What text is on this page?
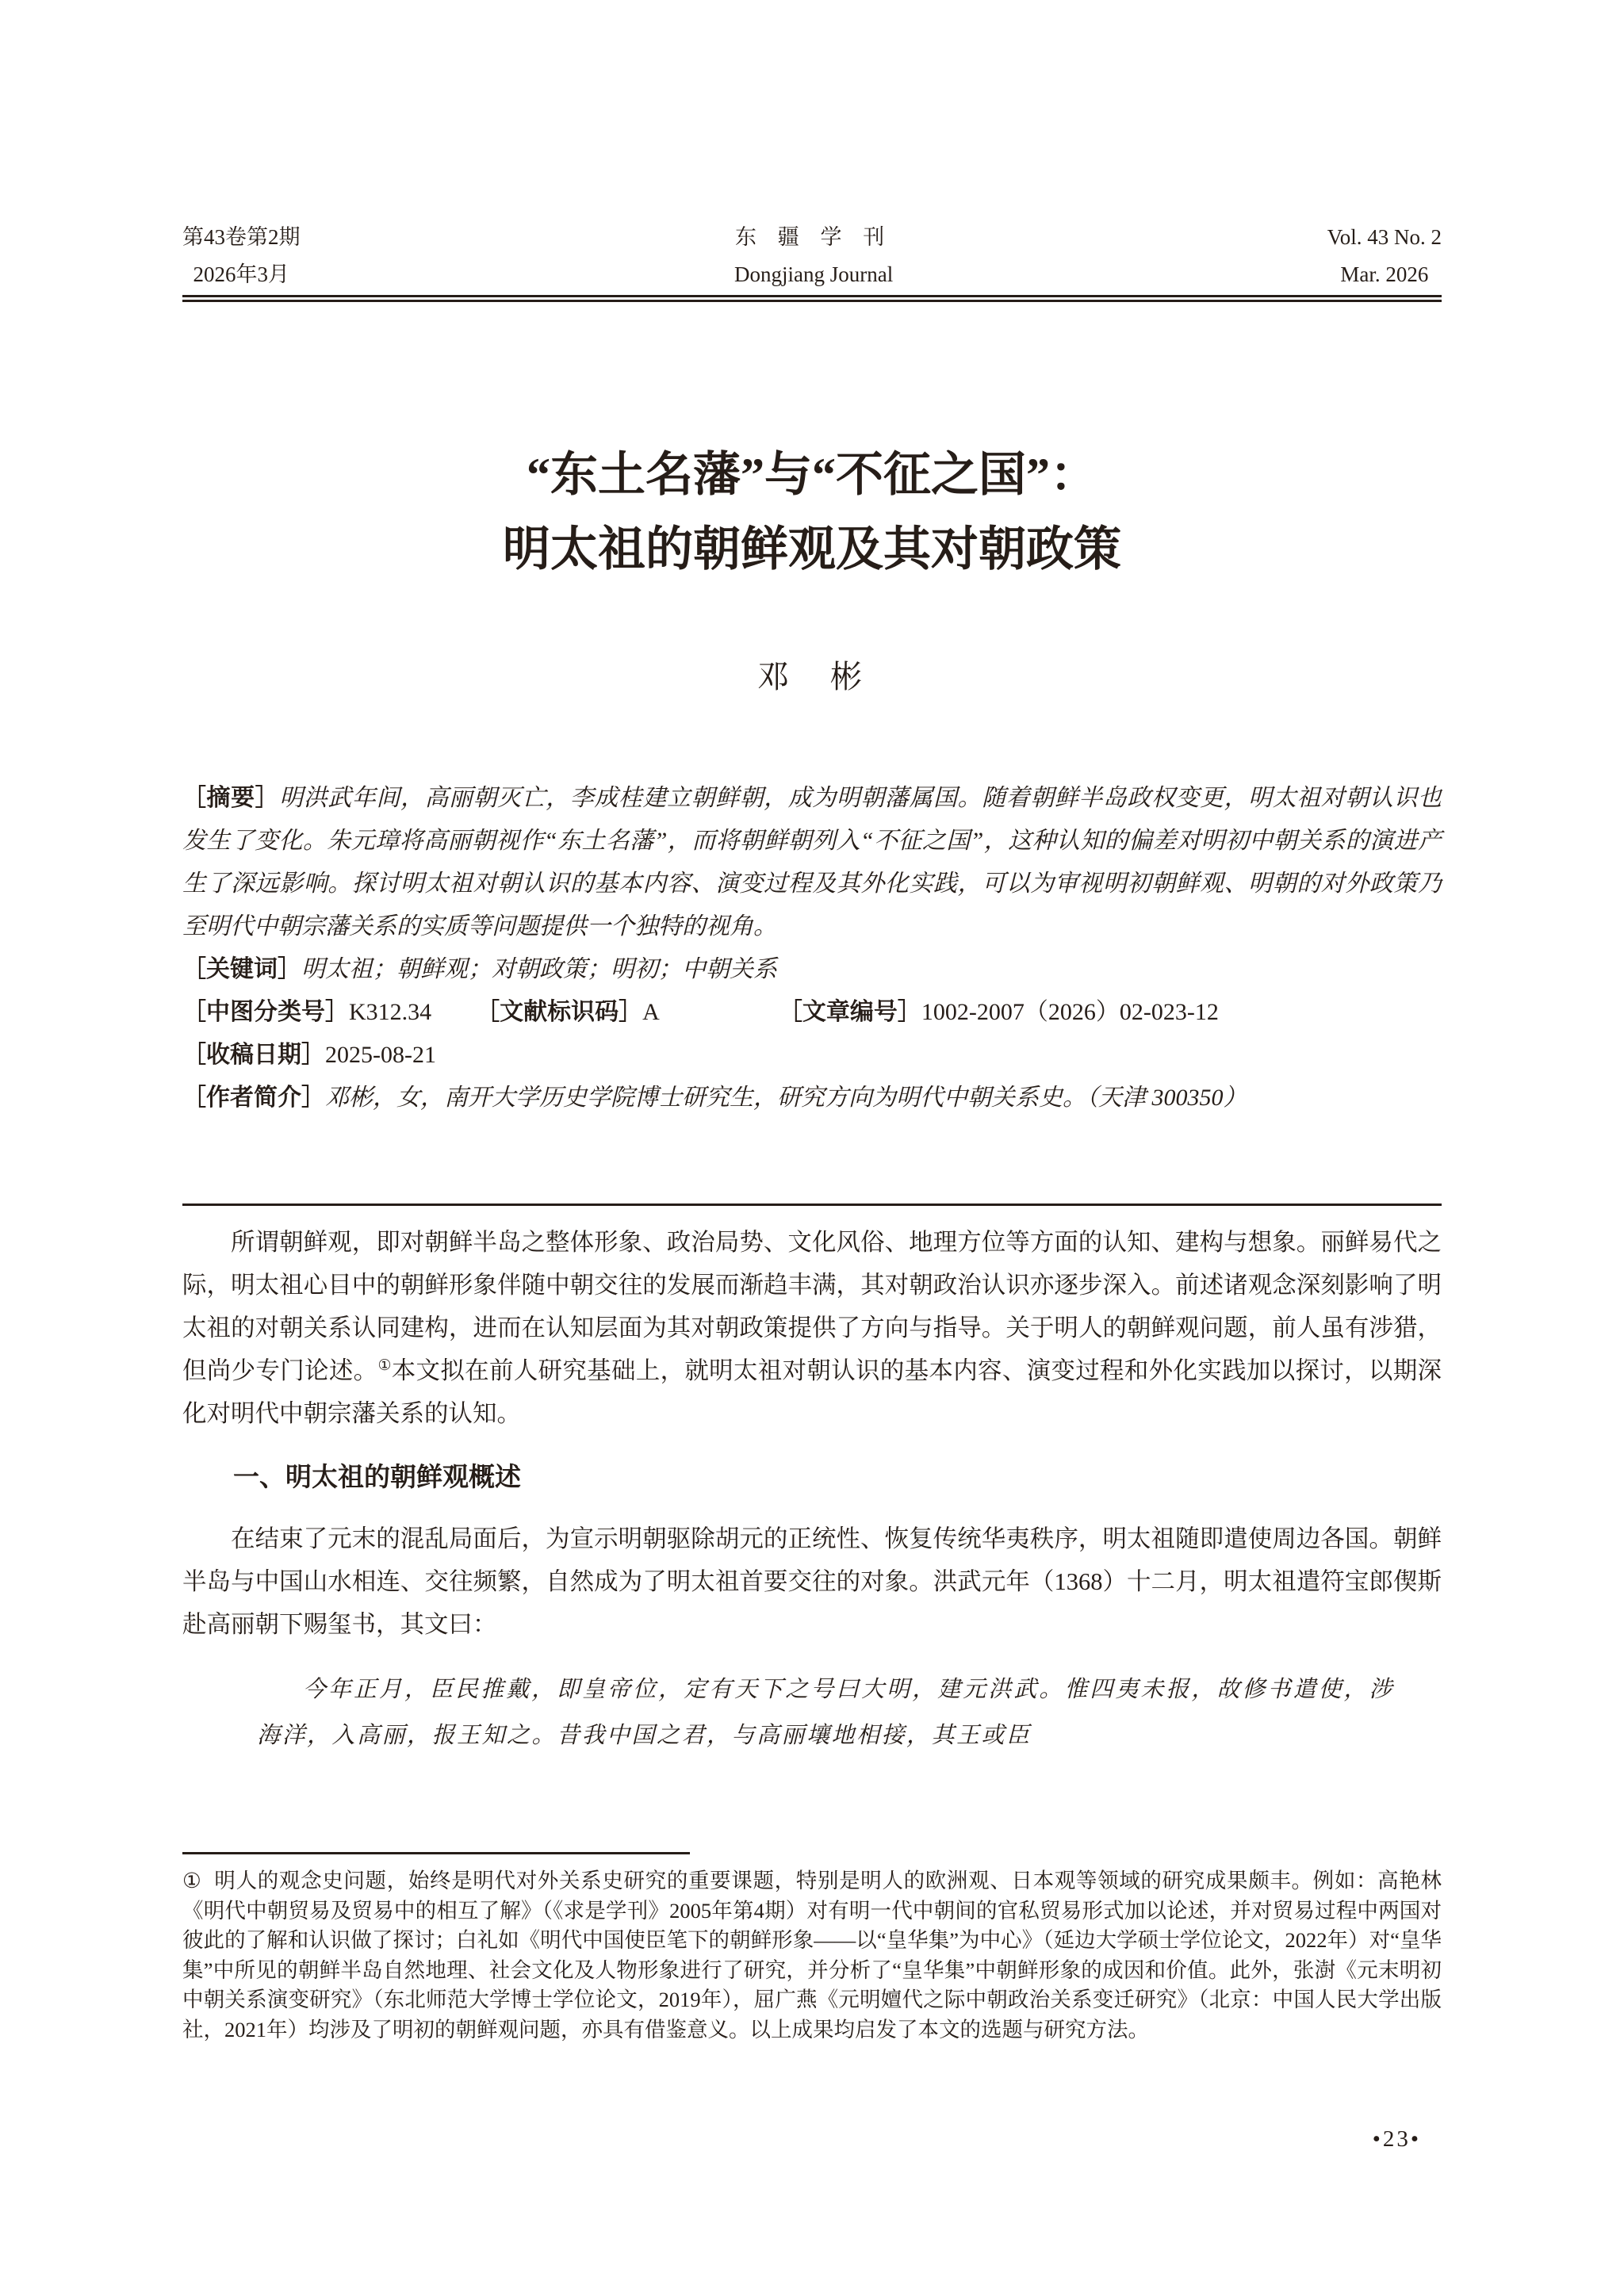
第43卷第2期
2026年3月
东 疆 学 刊
Dongjiang Journal
Vol. 43 No. 2
Mar. 2026
“东土名藩”与“不征之国”：
明太祖的朝鲜观及其对朝政策
邓　彬

［摘要］明洪武年间，高丽朝灭亡，李成桂建立朝鲜朝，成为明朝藩属国。随着朝鲜半岛政权变更，明太祖对朝认识也发生了变化。朱元璋将高丽朝视作“东土名藩”，而将朝鲜朝列入“不征之国”，这种认知的偏差对明初中朝关系的演进产生了深远影响。探讨明太祖对朝认识的基本内容、演变过程及其外化实践，可以为审视明初朝鲜观、明朝的对外政策乃至明代中朝宗藩关系的实质等问题提供一个独特的视角。

［关键词］明太祖；朝鲜观；对朝政策；明初；中朝关系

［中图分类号］K312.34 ［文献标识码］A	［文章编号］1002-2007（2026）02-023-12

［收稿日期］2025-08-21

［作者简介］邓彬，女，南开大学历史学院博士研究生，研究方向为明代中朝关系史。（天津 300350）

所谓朝鲜观，即对朝鲜半岛之整体形象、政治局势、文化风俗、地理方位等方面的认知、建构与想象。丽鲜易代之际，明太祖心目中的朝鲜形象伴随中朝交往的发展而渐趋丰满，其对朝政治认识亦逐步深入。前述诸观念深刻影响了明太祖的对朝关系认同建构，进而在认知层面为其对朝政策提供了方向与指导。关于明人的朝鲜观问题，前人虽有涉猎，但尚少专门论述。①本文拟在前人研究基础上，就明太祖对朝认识的基本内容、演变过程和外化实践加以探讨，以期深化对明代中朝宗藩关系的认知。

一、明太祖的朝鲜观概述

在结束了元末的混乱局面后，为宣示明朝驱除胡元的正统性、恢复传统华夷秩序，明太祖随即遣使周边各国。朝鲜半岛与中国山水相连、交往频繁，自然成为了明太祖首要交往的对象。洪武元年（1368）十二月，明太祖遣符宝郎偰斯赴高丽朝下赐玺书，其文曰：

今年正月，臣民推戴，即皇帝位，定有天下之号曰大明，建元洪武。惟四夷未报，故修书遣使，涉海洋，入高丽，报王知之。昔我中国之君，与高丽壤地相接，其王或臣

① 明人的观念史问题，始终是明代对外关系史研究的重要课题，特别是明人的欧洲观、日本观等领域的研究成果颇丰。例如：高艳林《明代中朝贸易及贸易中的相互了解》（《求是学刊》2005年第4期）对有明一代中朝间的官私贸易形式加以论述，并对贸易过程中两国对彼此的了解和认识做了探讨；白礼如《明代中国使臣笔下的朝鲜形象——以“皇华集”为中心》（延边大学硕士学位论文，2022年）对“皇华集”中所见的朝鲜半岛自然地理、社会文化及人物形象进行了研究，并分析了“皇华集”中朝鲜形象的成因和价值。此外，张澍《元末明初中朝关系演变研究》（东北师范大学博士学位论文，2019年），屈广燕《元明嬗代之际中朝政治关系变迁研究》（北京：中国人民大学出版社，2021年）均涉及了明初的朝鲜观问题，亦具有借鉴意义。以上成果均启发了本文的选题与研究方法。

•23•
